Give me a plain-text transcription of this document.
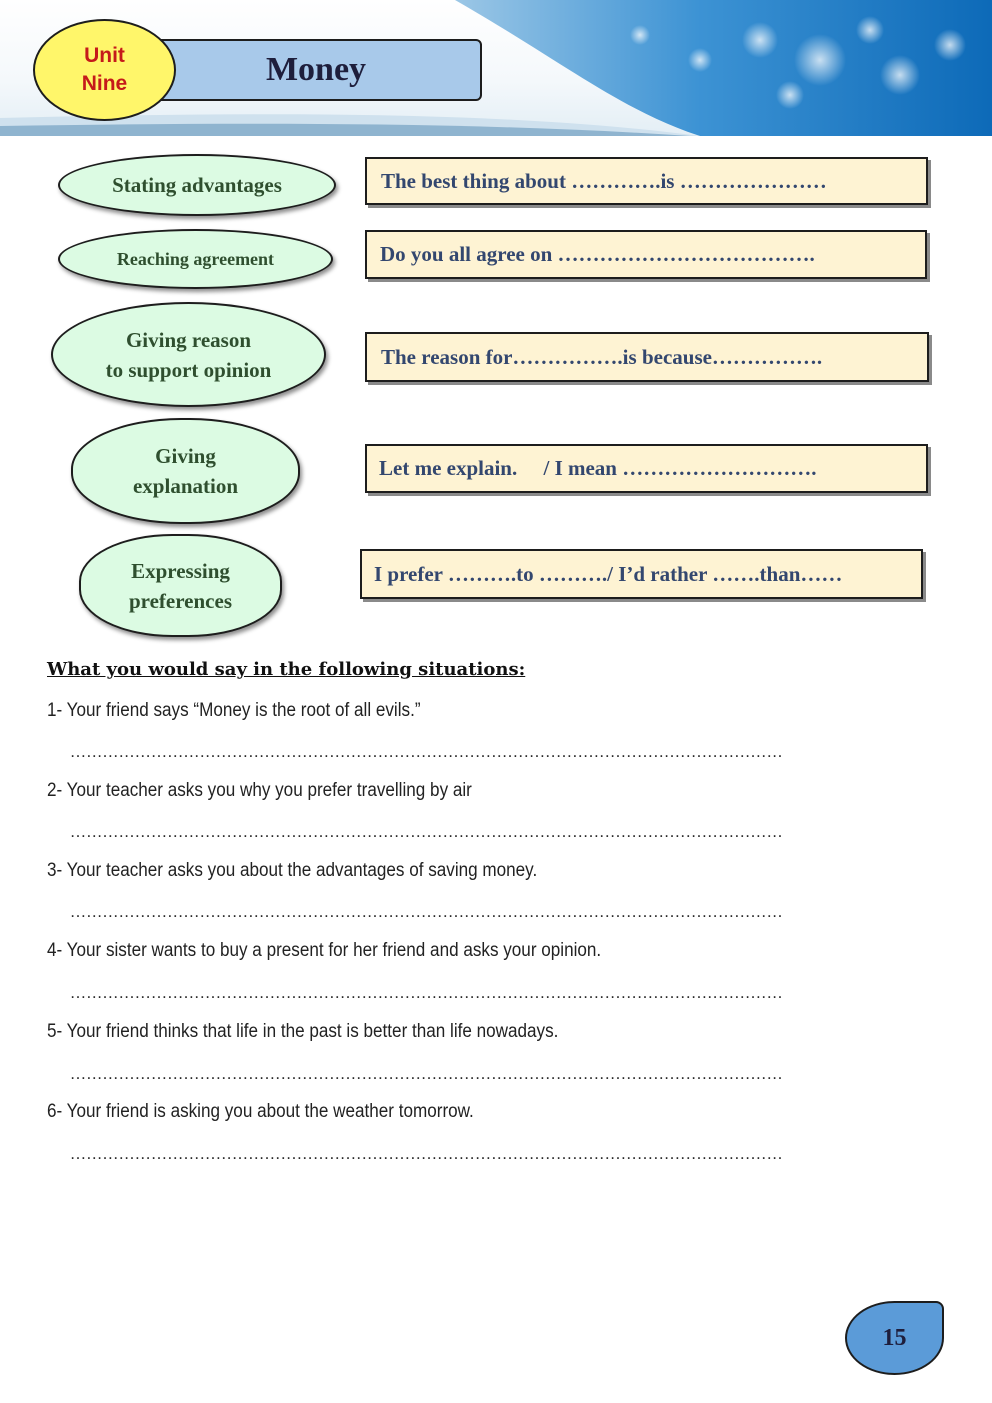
Money
Unit
Nine
Stating advantages
Reaching agreement
Giving reason
to support opinion
Giving
explanation
Expressing
preferences
The best thing about ………….is …………………
Do you all agree on ……………………………….
The reason for…………….is because…………….
Let me explain.     / I mean ……………………….
I prefer ……….to ………./ I’d rather …….than……
What you would say in the following situations:
1- Your friend says “Money is the root of all evils.”
……………………………………………………………………………………………………………………
2- Your teacher asks you why you prefer travelling by air
……………………………………………………………………………………………………………………
3- Your teacher asks you about the advantages of saving money.
……………………………………………………………………………………………………………………
4- Your sister wants to buy a present for her friend and asks your opinion.
……………………………………………………………………………………………………………………
5- Your friend thinks that life in the past is better than life nowadays.
……………………………………………………………………………………………………………………
6- Your friend is asking you about the weather tomorrow.
……………………………………………………………………………………………………………………
15
